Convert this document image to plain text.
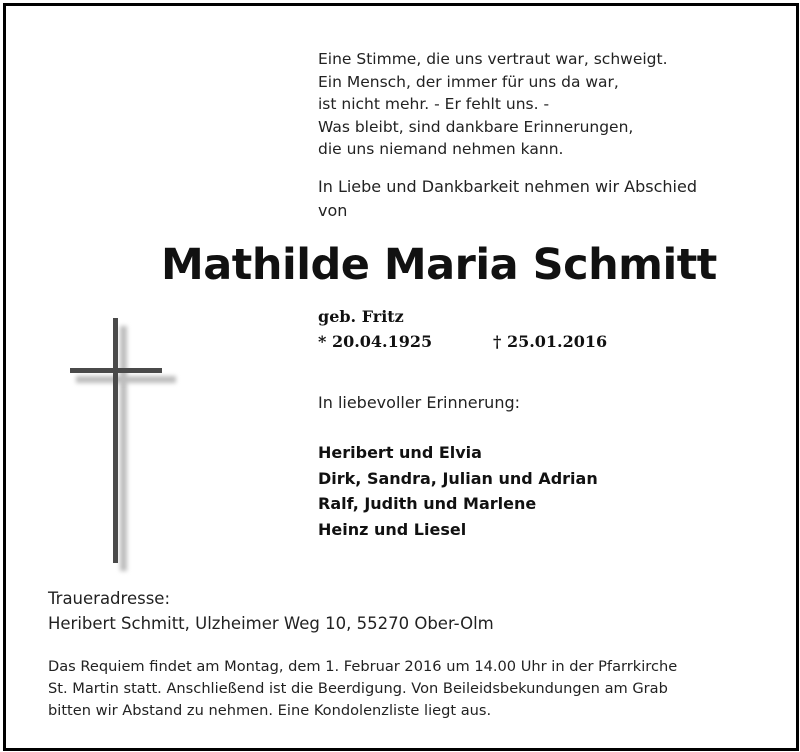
Eine Stimme, die uns vertraut war, schweigt.
Ein Mensch, der immer für uns da war,
ist nicht mehr. - Er fehlt uns. -
Was bleibt, sind dankbare Erinnerungen,
die uns niemand nehmen kann.
In Liebe und Dankbarkeit nehmen wir Abschied
von
Mathilde Maria Schmitt
geb. Fritz
* 20.04.1925	† 25.01.2016
In liebevoller Erinnerung:
Heribert und Elvia
Dirk, Sandra, Julian und Adrian
Ralf, Judith und Marlene
Heinz und Liesel
Traueradresse:
Heribert Schmitt, Ulzheimer Weg 10, 55270 Ober-Olm
Das Requiem findet am Montag, dem 1. Februar 2016 um 14.00 Uhr in der Pfarrkirche
St. Martin statt. Anschließend ist die Beerdigung. Von Beileidsbekundungen am Grab
bitten wir Abstand zu nehmen. Eine Kondolenzliste liegt aus.
